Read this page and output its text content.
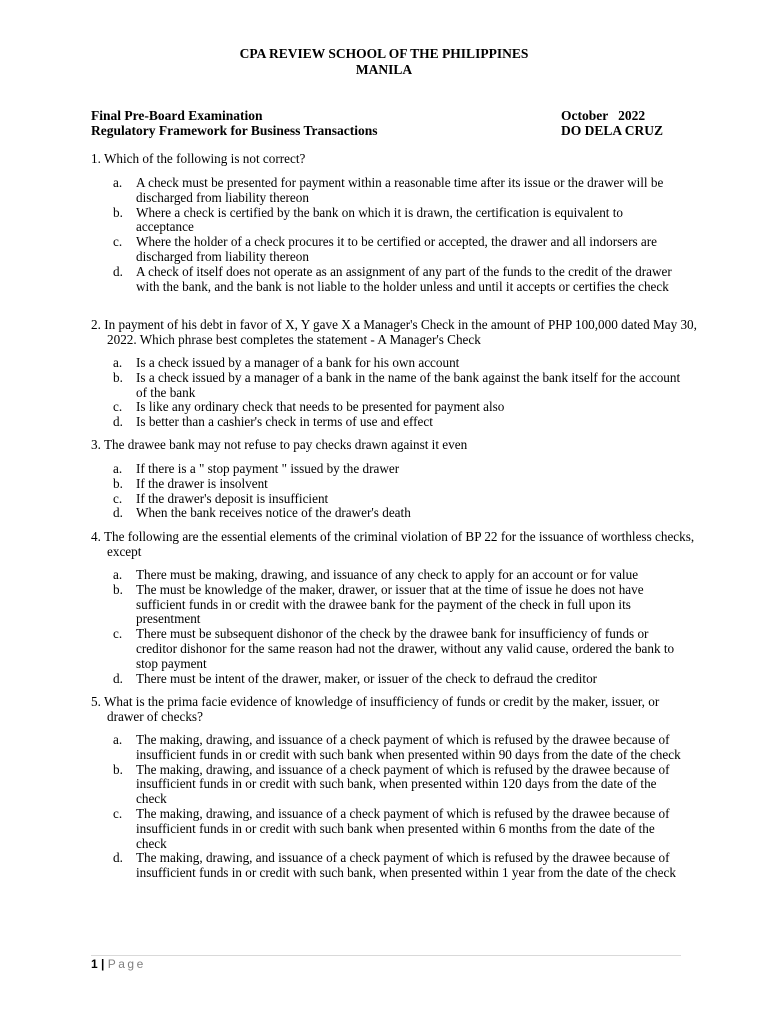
CPA REVIEW SCHOOL OF THE PHILIPPINES
MANILA
Final Pre-Board Examination	October   2022
Regulatory Framework for Business Transactions	DO DELA CRUZ
1. Which of the following is not correct?
a. A check must be presented for payment within a reasonable time after its issue or the drawer will be discharged from liability thereon
b. Where a check is certified by the bank on which it is drawn, the certification is equivalent to acceptance
c. Where the holder of a check procures it to be certified or accepted, the drawer and all indorsers are discharged from liability thereon
d. A check of itself does not operate as an assignment of any part of the funds to the credit of the drawer with the bank, and the bank is not liable to the holder unless and until it accepts or certifies the check
2. In payment of his debt in favor of X, Y gave X a Manager's Check in the amount of PHP 100,000 dated May 30, 2022. Which phrase best completes the statement - A Manager's Check
a. Is a check issued by a manager of a bank for his own account
b. Is a check issued by a manager of a bank in the name of the bank against the bank itself for the account of the bank
c. Is like any ordinary check that needs to be presented for payment also
d. Is better than a cashier's check in terms of use and effect
3. The drawee bank may not refuse to pay checks drawn against it even
a. If there is a " stop payment " issued by the drawer
b. If the drawer is insolvent
c. If the drawer's deposit is insufficient
d. When the bank receives notice of the drawer's death
4. The following are the essential elements of the criminal violation of BP 22 for the issuance of worthless checks, except
a. There must be making, drawing, and issuance of any check to apply for an account or for value
b. The must be knowledge of the maker, drawer, or issuer that at the time of issue he does not have sufficient funds in or credit with the drawee bank for the payment of the check in full upon its presentment
c. There must be subsequent dishonor of the check by the drawee bank for insufficiency of funds or creditor dishonor for the same reason had not the drawer, without any valid cause, ordered the bank to stop payment
d. There must be intent of the drawer, maker, or issuer of the check to defraud the creditor
5. What is the prima facie evidence of knowledge of insufficiency of funds or credit by the maker, issuer, or drawer of checks?
a. The making, drawing, and issuance of a check payment of which is refused by the drawee because of insufficient funds in or credit with such bank when presented within 90 days from the date of the check
b. The making, drawing, and issuance of a check payment of which is refused by the drawee because of insufficient funds in or credit with such bank, when presented within 120 days from the date of the check
c. The making, drawing, and issuance of a check payment of which is refused by the drawee because of insufficient funds in or credit with such bank when presented within 6 months from the date of the check
d. The making, drawing, and issuance of a check payment of which is refused by the drawee because of insufficient funds in or credit with such bank, when presented within 1 year from the date of the check
1 | Page
